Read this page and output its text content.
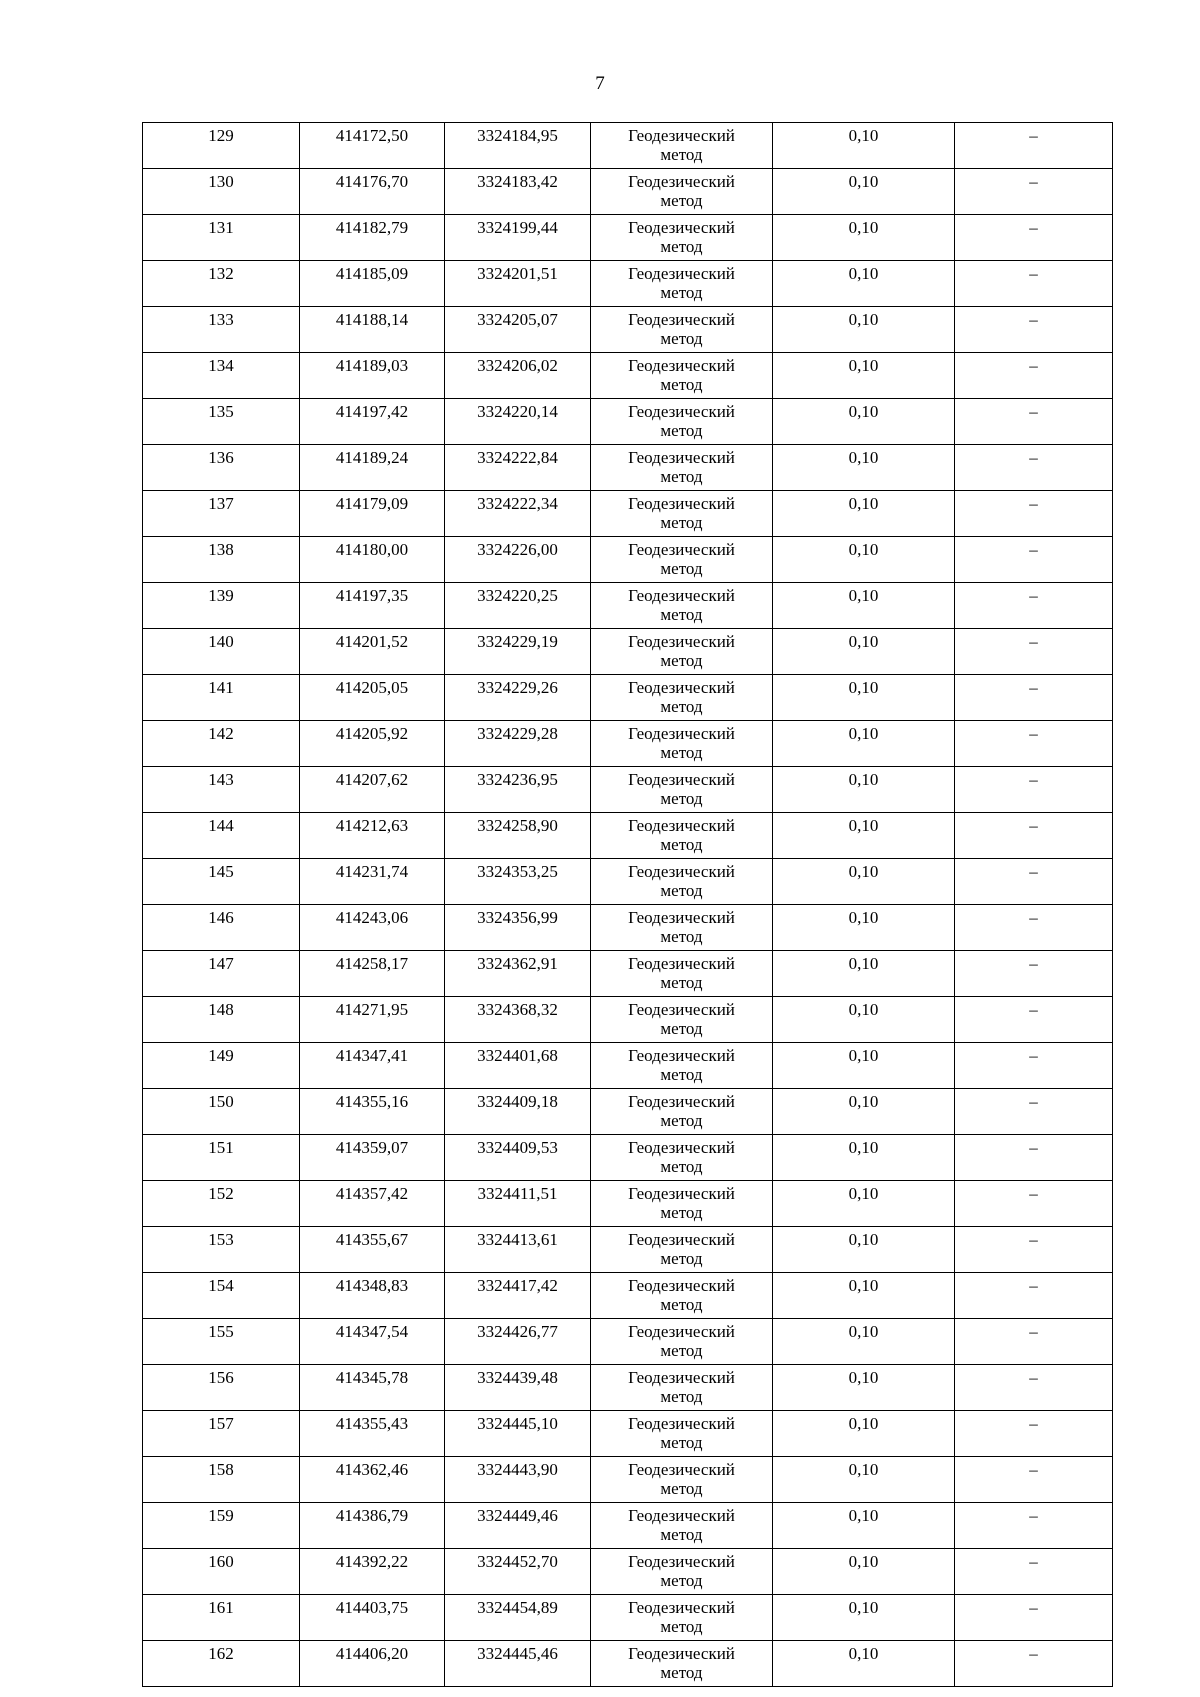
7
129	414172,50	3324184,95	Геодезический
метод	0,10	–
130	414176,70	3324183,42	Геодезический
метод	0,10	–
131	414182,79	3324199,44	Геодезический
метод	0,10	–
132	414185,09	3324201,51	Геодезический
метод	0,10	–
133	414188,14	3324205,07	Геодезический
метод	0,10	–
134	414189,03	3324206,02	Геодезический
метод	0,10	–
135	414197,42	3324220,14	Геодезический
метод	0,10	–
136	414189,24	3324222,84	Геодезический
метод	0,10	–
137	414179,09	3324222,34	Геодезический
метод	0,10	–
138	414180,00	3324226,00	Геодезический
метод	0,10	–
139	414197,35	3324220,25	Геодезический
метод	0,10	–
140	414201,52	3324229,19	Геодезический
метод	0,10	–
141	414205,05	3324229,26	Геодезический
метод	0,10	–
142	414205,92	3324229,28	Геодезический
метод	0,10	–
143	414207,62	3324236,95	Геодезический
метод	0,10	–
144	414212,63	3324258,90	Геодезический
метод	0,10	–
145	414231,74	3324353,25	Геодезический
метод	0,10	–
146	414243,06	3324356,99	Геодезический
метод	0,10	–
147	414258,17	3324362,91	Геодезический
метод	0,10	–
148	414271,95	3324368,32	Геодезический
метод	0,10	–
149	414347,41	3324401,68	Геодезический
метод	0,10	–
150	414355,16	3324409,18	Геодезический
метод	0,10	–
151	414359,07	3324409,53	Геодезический
метод	0,10	–
152	414357,42	3324411,51	Геодезический
метод	0,10	–
153	414355,67	3324413,61	Геодезический
метод	0,10	–
154	414348,83	3324417,42	Геодезический
метод	0,10	–
155	414347,54	3324426,77	Геодезический
метод	0,10	–
156	414345,78	3324439,48	Геодезический
метод	0,10	–
157	414355,43	3324445,10	Геодезический
метод	0,10	–
158	414362,46	3324443,90	Геодезический
метод	0,10	–
159	414386,79	3324449,46	Геодезический
метод	0,10	–
160	414392,22	3324452,70	Геодезический
метод	0,10	–
161	414403,75	3324454,89	Геодезический
метод	0,10	–
162	414406,20	3324445,46	Геодезический
метод	0,10	–
